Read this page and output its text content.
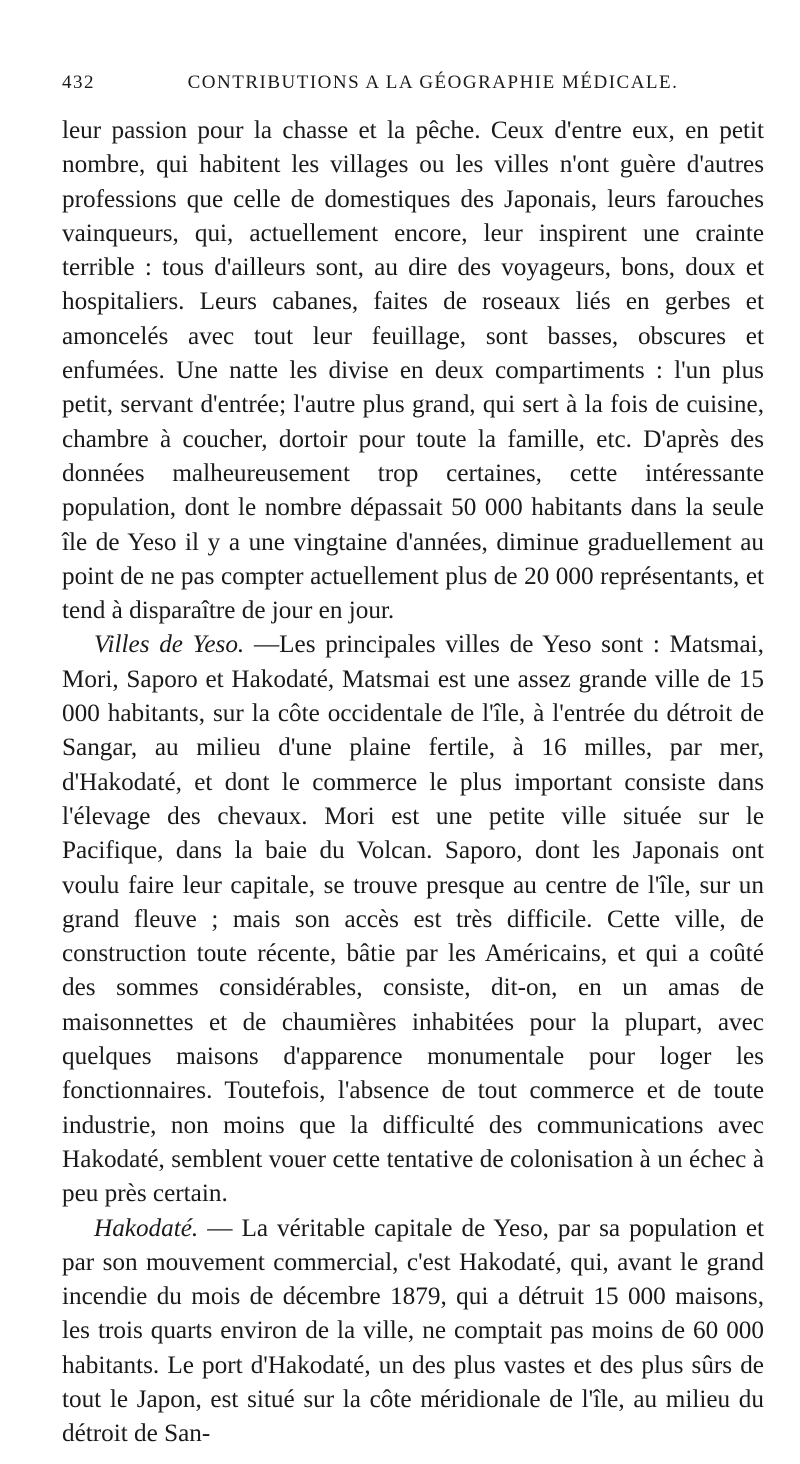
432	CONTRIBUTIONS A LA GÉOGRAPHIE MÉDICALE.

leur passion pour la chasse et la pêche. Ceux d'entre eux, en petit nombre, qui habitent les villages ou les villes n'ont guère d'autres professions que celle de domestiques des Japonais, leurs farouches vainqueurs, qui, actuellement encore, leur inspirent une crainte terrible : tous d'ailleurs sont, au dire des voyageurs, bons, doux et hospitaliers. Leurs cabanes, faites de roseaux liés en gerbes et amoncelés avec tout leur feuillage, sont basses, obscures et enfumées. Une natte les divise en deux compartiments : l'un plus petit, servant d'entrée; l'autre plus grand, qui sert à la fois de cuisine, chambre à coucher, dortoir pour toute la famille, etc. D'après des données malheureusement trop certaines, cette intéressante population, dont le nombre dépassait 50 000 habitants dans la seule île de Yeso il y a une vingtaine d'années, diminue graduellement au point de ne pas compter actuellement plus de 20 000 représentants, et tend à disparaître de jour en jour.

Villes de Yeso. —Les principales villes de Yeso sont : Matsmai, Mori, Saporo et Hakodaté, Matsmai est une assez grande ville de 15 000 habitants, sur la côte occidentale de l'île, à l'entrée du détroit de Sangar, au milieu d'une plaine fertile, à 16 milles, par mer, d'Hakodaté, et dont le commerce le plus important consiste dans l'élevage des chevaux. Mori est une petite ville située sur le Pacifique, dans la baie du Volcan. Saporo, dont les Japonais ont voulu faire leur capitale, se trouve presque au centre de l'île, sur un grand fleuve ; mais son accès est très difficile. Cette ville, de construction toute récente, bâtie par les Américains, et qui a coûté des sommes considérables, consiste, dit-on, en un amas de maisonnettes et de chaumières inhabitées pour la plupart, avec quelques maisons d'apparence monumentale pour loger les fonctionnaires. Toutefois, l'absence de tout commerce et de toute industrie, non moins que la difficulté des communications avec Hakodaté, semblent vouer cette tentative de colonisation à un échec à peu près certain.

Hakodaté. — La véritable capitale de Yeso, par sa population et par son mouvement commercial, c'est Hakodaté, qui, avant le grand incendie du mois de décembre 1879, qui a détruit 15 000 maisons, les trois quarts environ de la ville, ne comptait pas moins de 60 000 habitants. Le port d'Hakodaté, un des plus vastes et des plus sûrs de tout le Japon, est situé sur la côte méridionale de l'île, au milieu du détroit de San-
